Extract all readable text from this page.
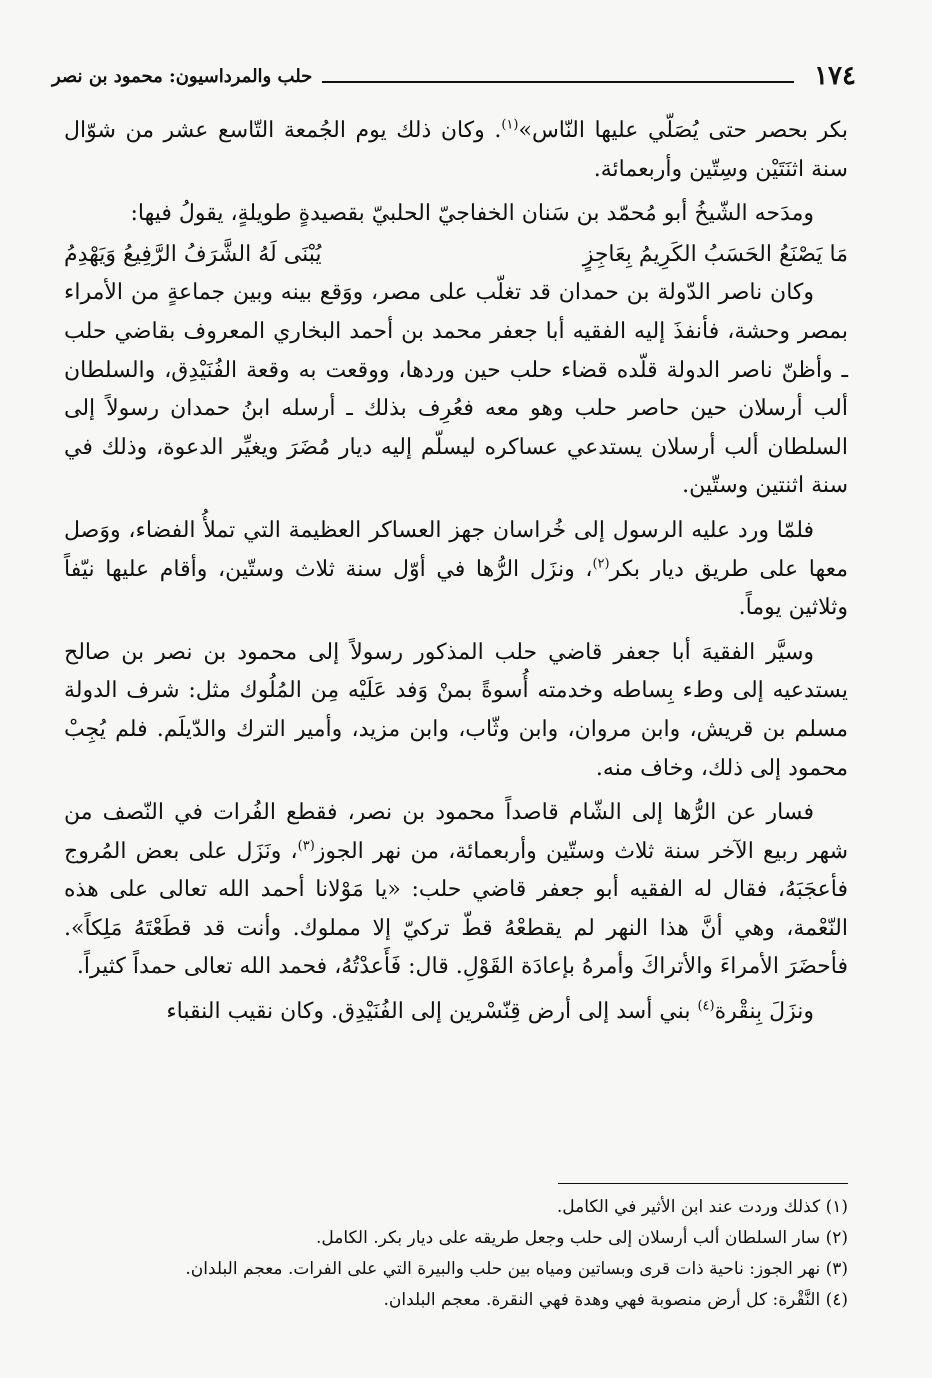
١٧٤
حلب والمرداسيون: محمود بن نصر

بكر بحصر حتى يُصَلّي عليها النّاس»$^{(١)}$. وكان ذلك يوم الجُمعة التّاسع عشر من شوّال سنة اثنَتَيْن وسِتّين وأربعمائة.

ومدَحه الشّيخُ أبو مُحمّد بن سَنان الخفاجيّ الحلبيّ بقصيدةٍ طويلةٍ، يقولُ فيها:

مَا يَصْنَعُ الحَسَبُ الكَرِيمُ بِعَاجِزٍ
يُبْنَى لَهُ الشَّرَفُ الرَّفِيعُ وَيَهْدِمُ

وكان ناصر الدّولة بن حمدان قد تغلّب على مصر، ووَقع بينه وبين جماعةٍ من الأمراء بمصر وحشة، فأنفذَ إليه الفقيه أبا جعفر محمد بن أحمد البخاري المعروف بقاضي حلب ـ وأظنّ ناصر الدولة قلّده قضاء حلب حين وردها، ووقعت به وقعة الفُنَيْدِق، والسلطان ألب أرسلان حين حاصر حلب وهو معه فعُرِف بذلك ـ أرسله ابنُ حمدان رسولاً إلى السلطان ألب أرسلان يستدعي عساكره ليسلّم إليه ديار مُضَرَ ويغيِّر الدعوة، وذلك في سنة اثنتين وستّين.

فلمّا ورد عليه الرسول إلى خُراسان جهز العساكر العظيمة التي تملأُ الفضاء، ووَصل معها على طريق ديار بكر$^{(٢)}$، ونزَل الرُّها في أوّل سنة ثلاث وستّين، وأقام عليها نيّفاً وثلاثين يوماً.

وسيَّر الفقيهَ أبا جعفر قاضي حلب المذكور رسولاً إلى محمود بن نصر بن صالح يستدعيه إلى وطء بِساطه وخدمته أُسوةً بمنْ وَفد عَلَيْه مِن المُلُوك مثل: شرف الدولة مسلم بن قريش، وابن مروان، وابن وثّاب، وابن مزيد، وأمير الترك والدّيلَم. فلم يُجِبْ محمود إلى ذلك، وخاف منه.

فسار عن الرُّها إلى الشّام قاصداً محمود بن نصر، فقطع الفُرات في النّصف من شهر ربيع الآخر سنة ثلاث وستّين وأربعمائة، من نهر الجوز$^{(٣)}$، ونَزَل على بعض المُروج فأعجَبَهُ، فقال له الفقيه أبو جعفر قاضي حلب: «يا مَوْلانا أحمد الله تعالى على هذه النّعْمة، وهي أنَّ هذا النهر لم يقطعْهُ قطّ تركيّ إلا مملوك. وأنت قد قطَعْتَهُ مَلِكاً». فأحضَرَ الأمراءَ والأتراكَ وأمرهُ بإعادَة القَوْلِ. قال: فَأَعدْتُهُ، فحمد الله تعالى حمداً كثيراً.

ونزَلَ بِنقْرة$^{(٤)}$ بني أسد إلى أرض قِنّسْرين إلى الفُنَيْدِق. وكان نقيب النقباء

(١) كذلك وردت عند ابن الأثير في الكامل.

(٢) سار السلطان ألب أرسلان إلى حلب وجعل طريقه على ديار بكر. الكامل.

(٣) نهر الجوز: ناحية ذات قرى وبساتين ومياه بين حلب والبيرة التي على الفرات. معجم البلدان.

(٤) النَّقْرة: كل أرض منصوبة فهي وهدة فهي النقرة. معجم البلدان.
